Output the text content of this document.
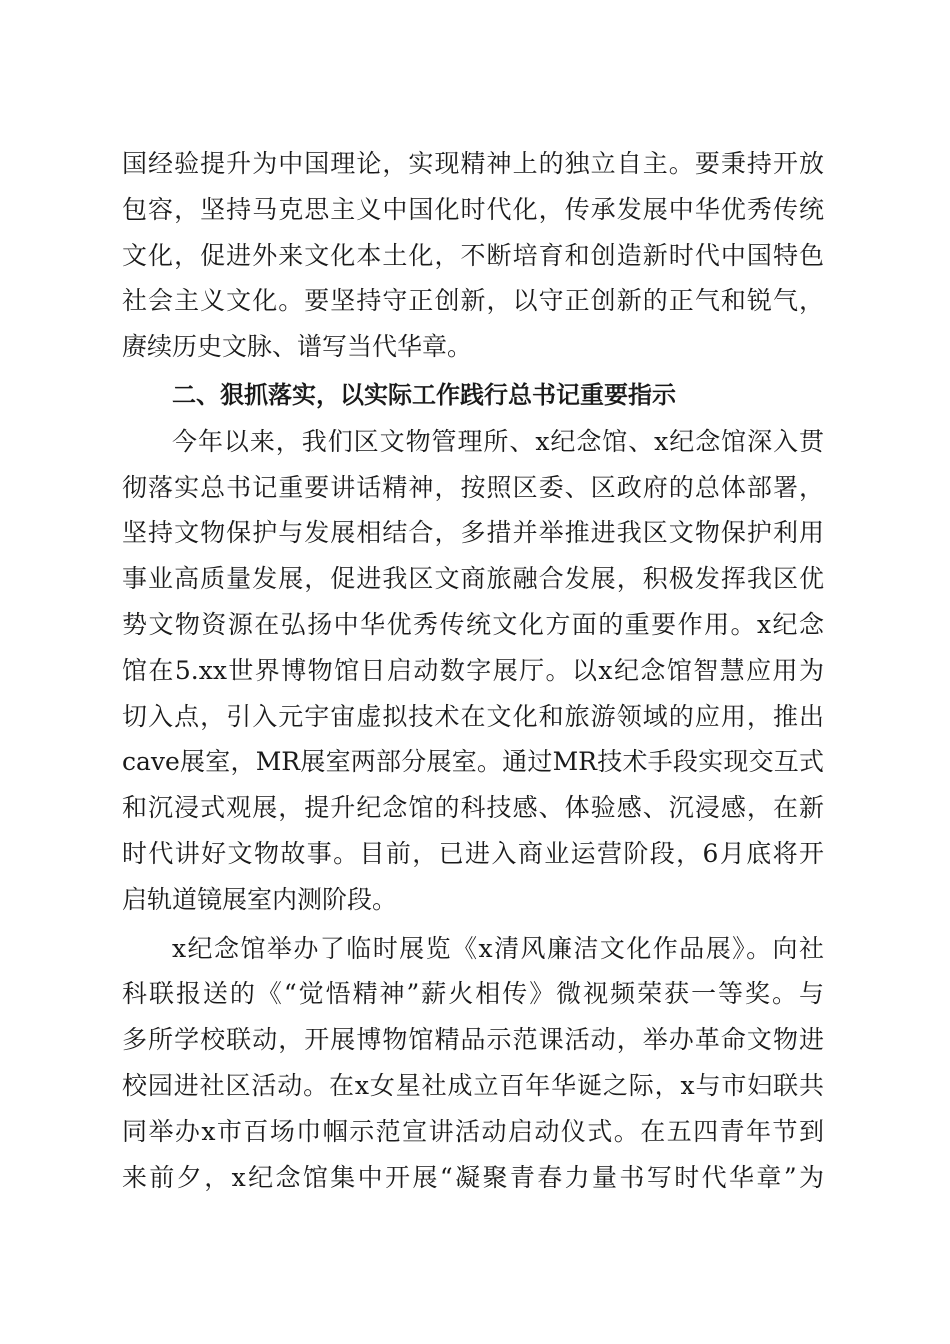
国经验提升为中国理论，实现精神上的独立自主。要秉持开放
包容，坚持马克思主义中国化时代化，传承发展中华优秀传统
文化，促进外来文化本土化，不断培育和创造新时代中国特色
社会主义文化。要坚持守正创新，以守正创新的正气和锐气，
赓续历史文脉、谱写当代华章。
二、狠抓落实，以实际工作践行总书记重要指示
今年以来，我们区文物管理所、x纪念馆、x纪念馆深入贯
彻落实总书记重要讲话精神，按照区委、区政府的总体部署，
坚持文物保护与发展相结合，多措并举推进我区文物保护利用
事业高质量发展，促进我区文商旅融合发展，积极发挥我区优
势文物资源在弘扬中华优秀传统文化方面的重要作用。x纪念
馆在5.xx世界博物馆日启动数字展厅。以x纪念馆智慧应用为
切入点，引入元宇宙虚拟技术在文化和旅游领域的应用，推出
cave展室，MR展室两部分展室。通过MR技术手段实现交互式
和沉浸式观展，提升纪念馆的科技感、体验感、沉浸感，在新
时代讲好文物故事。目前，已进入商业运营阶段，6月底将开
启轨道镜展室内测阶段。
x纪念馆举办了临时展览《x清风廉洁文化作品展》。向社
科联报送的《“觉悟精神”薪火相传》微视频荣获一等奖。与
多所学校联动，开展博物馆精品示范课活动，举办革命文物进
校园进社区活动。在x女星社成立百年华诞之际，x与市妇联共
同举办x市百场巾帼示范宣讲活动启动仪式。在五四青年节到
来前夕，x纪念馆集中开展“凝聚青春力量书写时代华章”为
